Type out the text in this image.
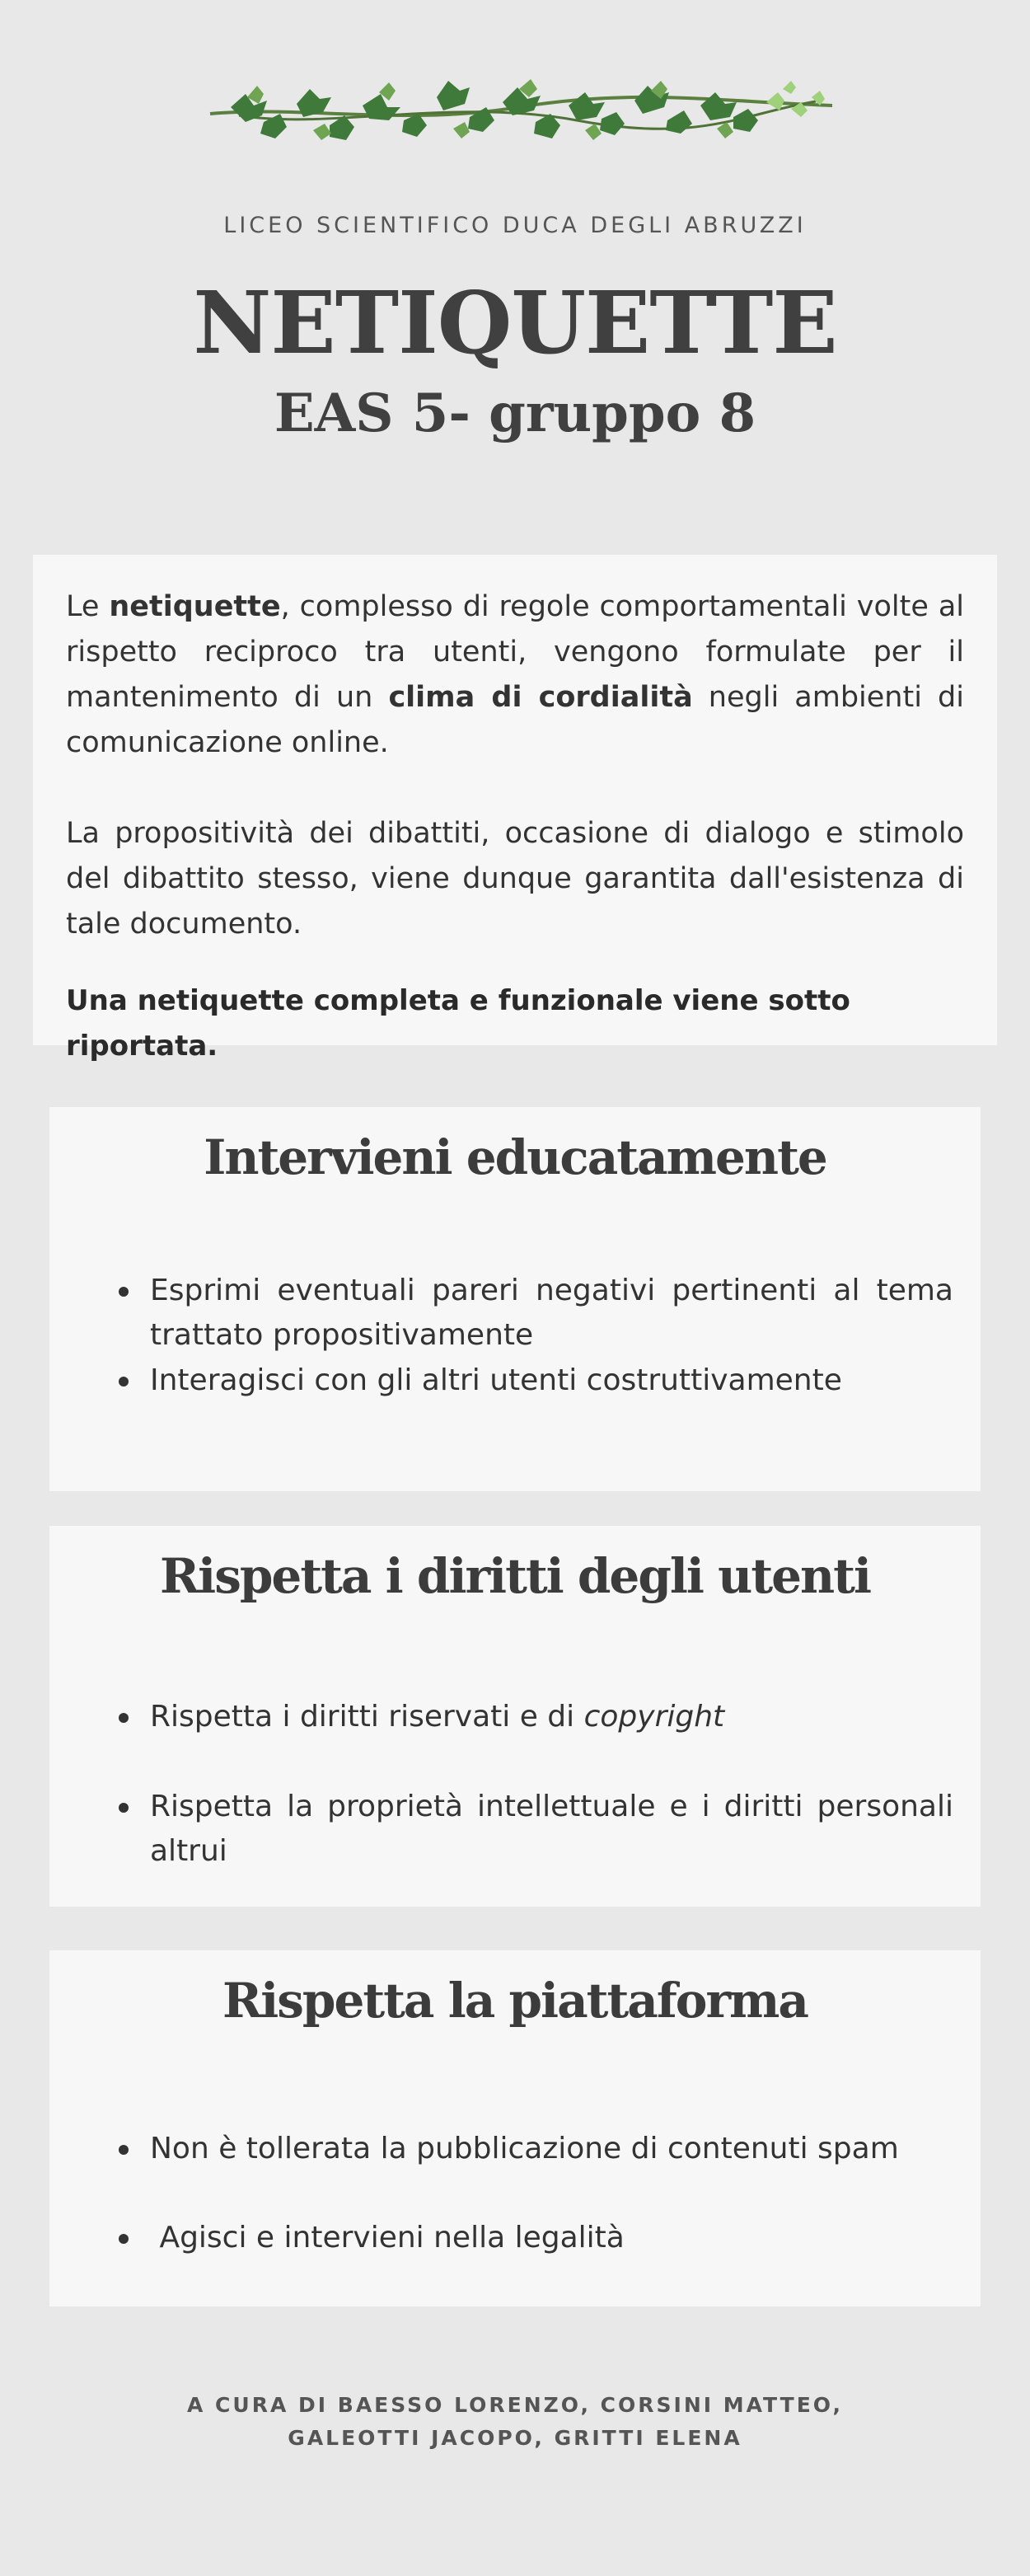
LICEO SCIENTIFICO DUCA DEGLI ABRUZZI
NETIQUETTE
EAS 5- gruppo 8

Le netiquette, complesso di regole comportamentali volte al rispetto reciproco tra utenti, vengono formulate per il mantenimento di un clima di cordialità negli ambienti di comunicazione online.

La propositività dei dibattiti, occasione di dialogo e stimolo del dibattito stesso, viene dunque garantita dall'esistenza di tale documento.

Una netiquette completa e funzionale viene sotto riportata.

Intervieni educatamente
Esprimi eventuali pareri negativi pertinenti al tema trattato propositivamente
Interagisci con gli altri utenti costruttivamente
Rispetta i diritti degli utenti
Rispetta i diritti riservati e di copyright
Rispetta la proprietà intellettuale e i diritti personali altrui
Rispetta la piattaforma
Non è tollerata la pubblicazione di contenuti spam
Agisci e intervieni nella legalità
A CURA DI BAESSO LORENZO, CORSINI MATTEO,
GALEOTTI JACOPO, GRITTI ELENA
